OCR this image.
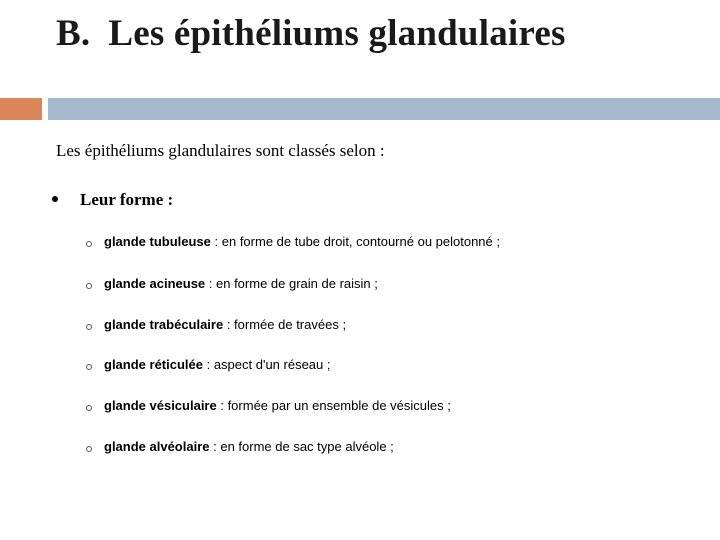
B. Les épithéliums glandulaires
Les épithéliums glandulaires sont classés selon :
Leur forme :
glande tubuleuse : en forme de tube droit, contourné ou pelotonné ;
glande acineuse : en forme de grain de raisin ;
glande trabéculaire : formée de travées ;
glande réticulée : aspect d'un réseau ;
glande vésiculaire : formée par un ensemble de vésicules ;
glande alvéolaire : en forme de sac type alvéole ;
